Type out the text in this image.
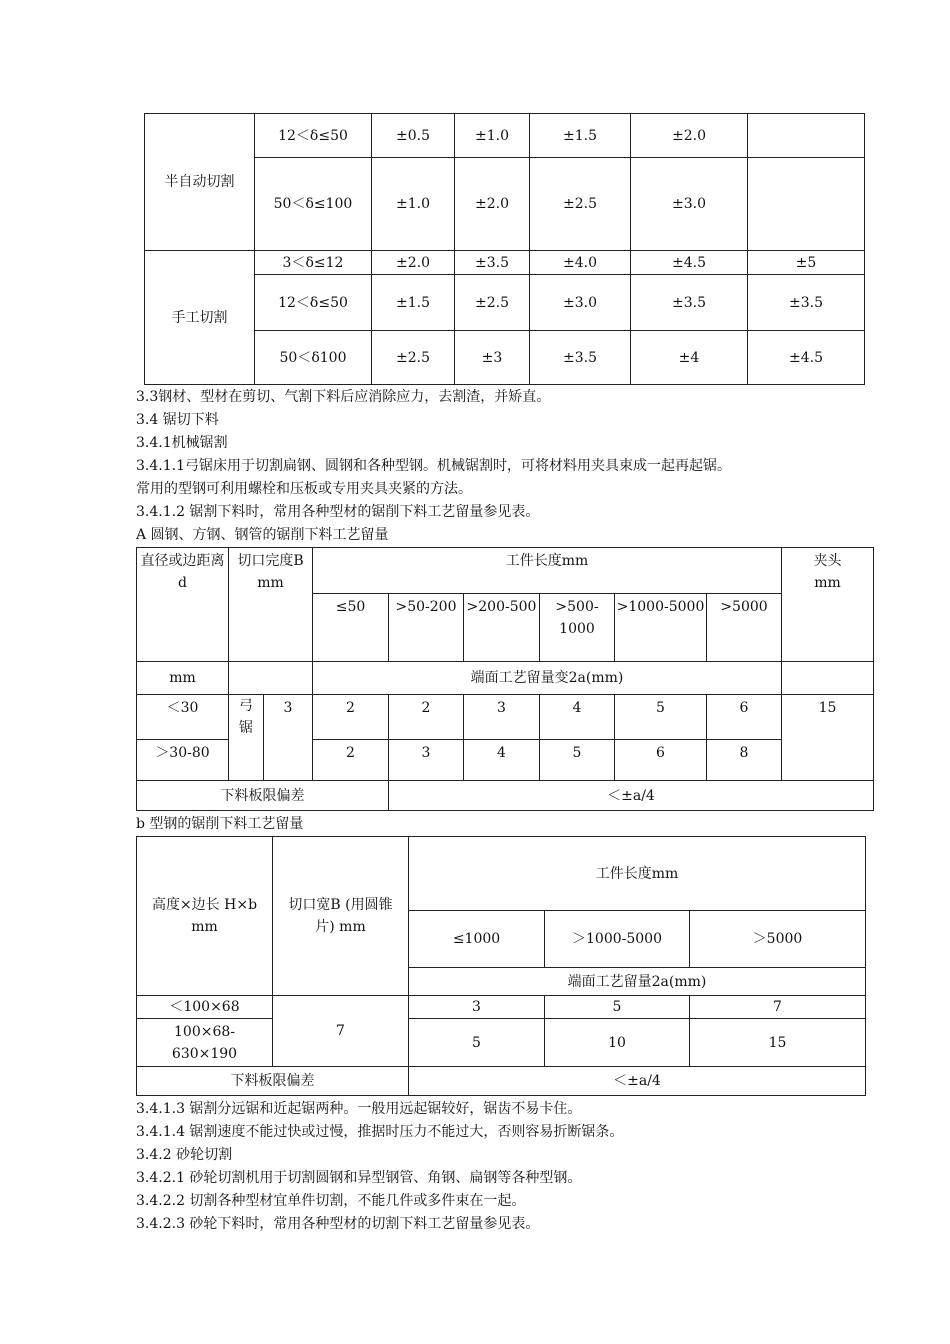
半自动切割	12＜δ≤50	±0.5	±1.0	±1.5	±2.0	
	50＜δ≤100	±1.0	±2.0	±2.5	±3.0	
手工切割	3＜δ≤12	±2.0	±3.5	±4.0	±4.5	±5
	12＜δ≤50	±1.5	±2.5	±3.0	±3.5	±3.5
	50＜δ100	±2.5	±3	±3.5	±4	±4.5
3.3钢材、型材在剪切、气割下料后应消除应力，去割渣，并矫直。
3.4 锯切下料
3.4.1机械锯割
3.4.1.1弓锯床用于切割扁钢、圆钢和各种型钢。机械锯割时，可将材料用夹具束成一起再起锯。
常用的型钢可利用螺栓和压板或专用夹具夹紧的方法。
3.4.1.2 锯割下料时，常用各种型材的锯削下料工艺留量参见表。
A 圆钢、方钢、钢管的锯削下料工艺留量
直径或边距离d	切口完度B mm		工件长度mm						夹头 mm
			≤50	>50-200	>200-500	>500-1000	>1000-5000	>5000	
mm			端面工艺留量变2a(mm)						
＜30	弓锯	3	2	2	3	4	5	6	15
＞30-80			2	3	4	5	6	8	
下料板限偏差				＜±a/4					
b 型钢的锯削下料工艺留量
高度×边长 H×b mm	切口宽B (用圆锥片) mm	工件长度mm		
		≤1000	＞1000-5000	＞5000
		端面工艺留量2a(mm)		
＜100×68	7	3	5	7
100×68-630×190		5	10	15
下料板限偏差		＜±a/4		
3.4.1.3 锯割分远锯和近起锯两种。一般用远起锯较好，锯齿不易卡住。
3.4.1.4 锯割速度不能过快或过慢，推据时压力不能过大，否则容易折断锯条。
3.4.2 砂轮切割
3.4.2.1 砂轮切割机用于切割圆钢和异型钢管、角钢、扁钢等各种型钢。
3.4.2.2 切割各种型材宜单件切割，不能几件或多件束在一起。
3.4.2.3 砂轮下料时，常用各种型材的切割下料工艺留量参见表。
